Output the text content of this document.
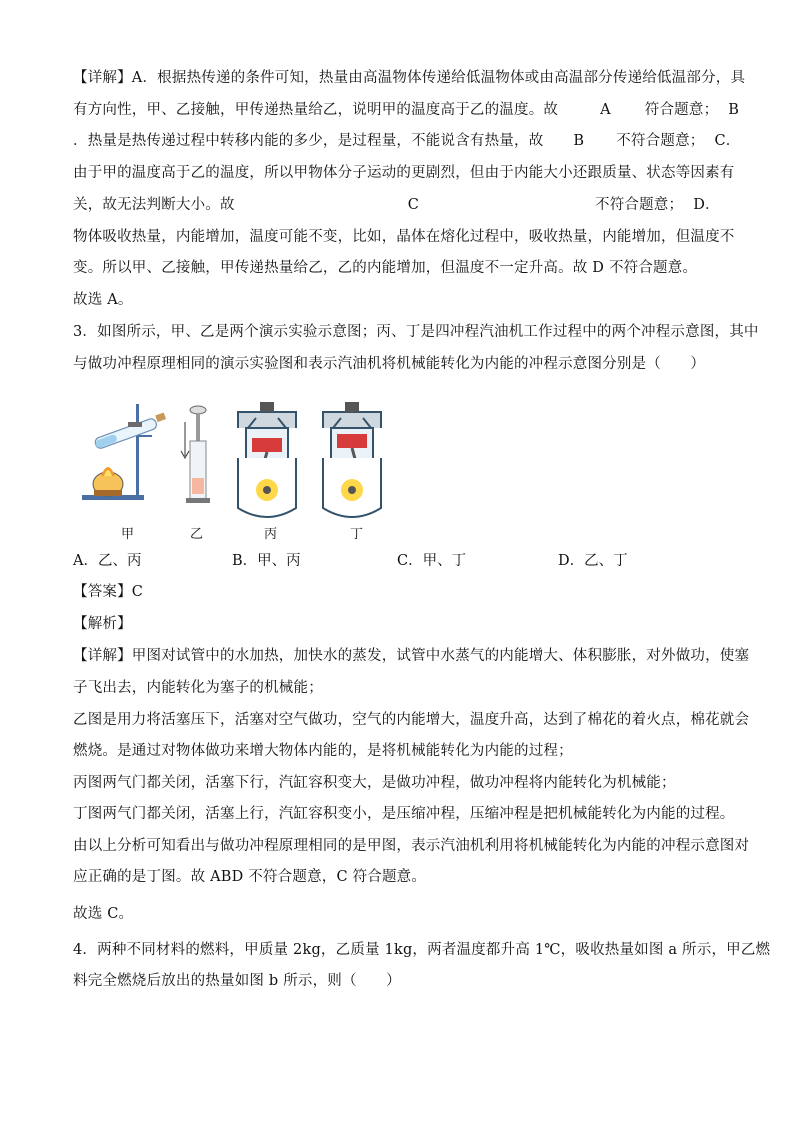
【详解】A．根据热传递的条件可知，热量由高温物体传递给低温物体或由高温部分传递给低温部分，具
有方向性，甲、乙接触，甲传递热量给乙，说明甲的温度高于乙的温度。故	A 符合题意； B
．热量是热传递过程中转移内能的多少，是过程量，不能说含有热量，故 B 不符合题意； C．
由于甲的温度高于乙的温度，所以甲物体分子运动的更剧烈，但由于内能大小还跟质量、状态等因素有
关，故无法判断大小。故	C	不符合题意； D．
物体吸收热量，内能增加，温度可能不变，比如，晶体在熔化过程中，吸收热量，内能增加，但温度不
变。所以甲、乙接触，甲传递热量给乙，乙的内能增加，但温度不一定升高。故 D 不符合题意。
故选 A。
3．如图所示，甲、乙是两个演示实验示意图；丙、丁是四冲程汽油机工作过程中的两个冲程示意图，其中
与做功冲程原理相同的演示实验图和表示汽油机将机械能转化为内能的冲程示意图分别是（　　）
甲	乙	丙	丁
A．乙、丙	B．甲、丙	C．甲、丁	D．乙、丁
【答案】C
【解析】
【详解】甲图对试管中的水加热，加快水的蒸发，试管中水蒸气的内能增大、体积膨胀，对外做功，使塞
子飞出去，内能转化为塞子的机械能；
乙图是用力将活塞压下，活塞对空气做功，空气的内能增大，温度升高，达到了棉花的着火点，棉花就会
燃烧。是通过对物体做功来增大物体内能的，是将机械能转化为内能的过程；
丙图两气门都关闭，活塞下行，汽缸容积变大，是做功冲程，做功冲程将内能转化为机械能；
丁图两气门都关闭，活塞上行，汽缸容积变小，是压缩冲程，压缩冲程是把机械能转化为内能的过程。
由以上分析可知看出与做功冲程原理相同的是甲图，表示汽油机利用将机械能转化为内能的冲程示意图对
应正确的是丁图。故 ABD 不符合题意，C 符合题意。
故选 C。
4．两种不同材料的燃料，甲质量 2kg，乙质量 1kg，两者温度都升高 1℃，吸收热量如图 a 所示，甲乙燃
料完全燃烧后放出的热量如图 b 所示，则（　　）
